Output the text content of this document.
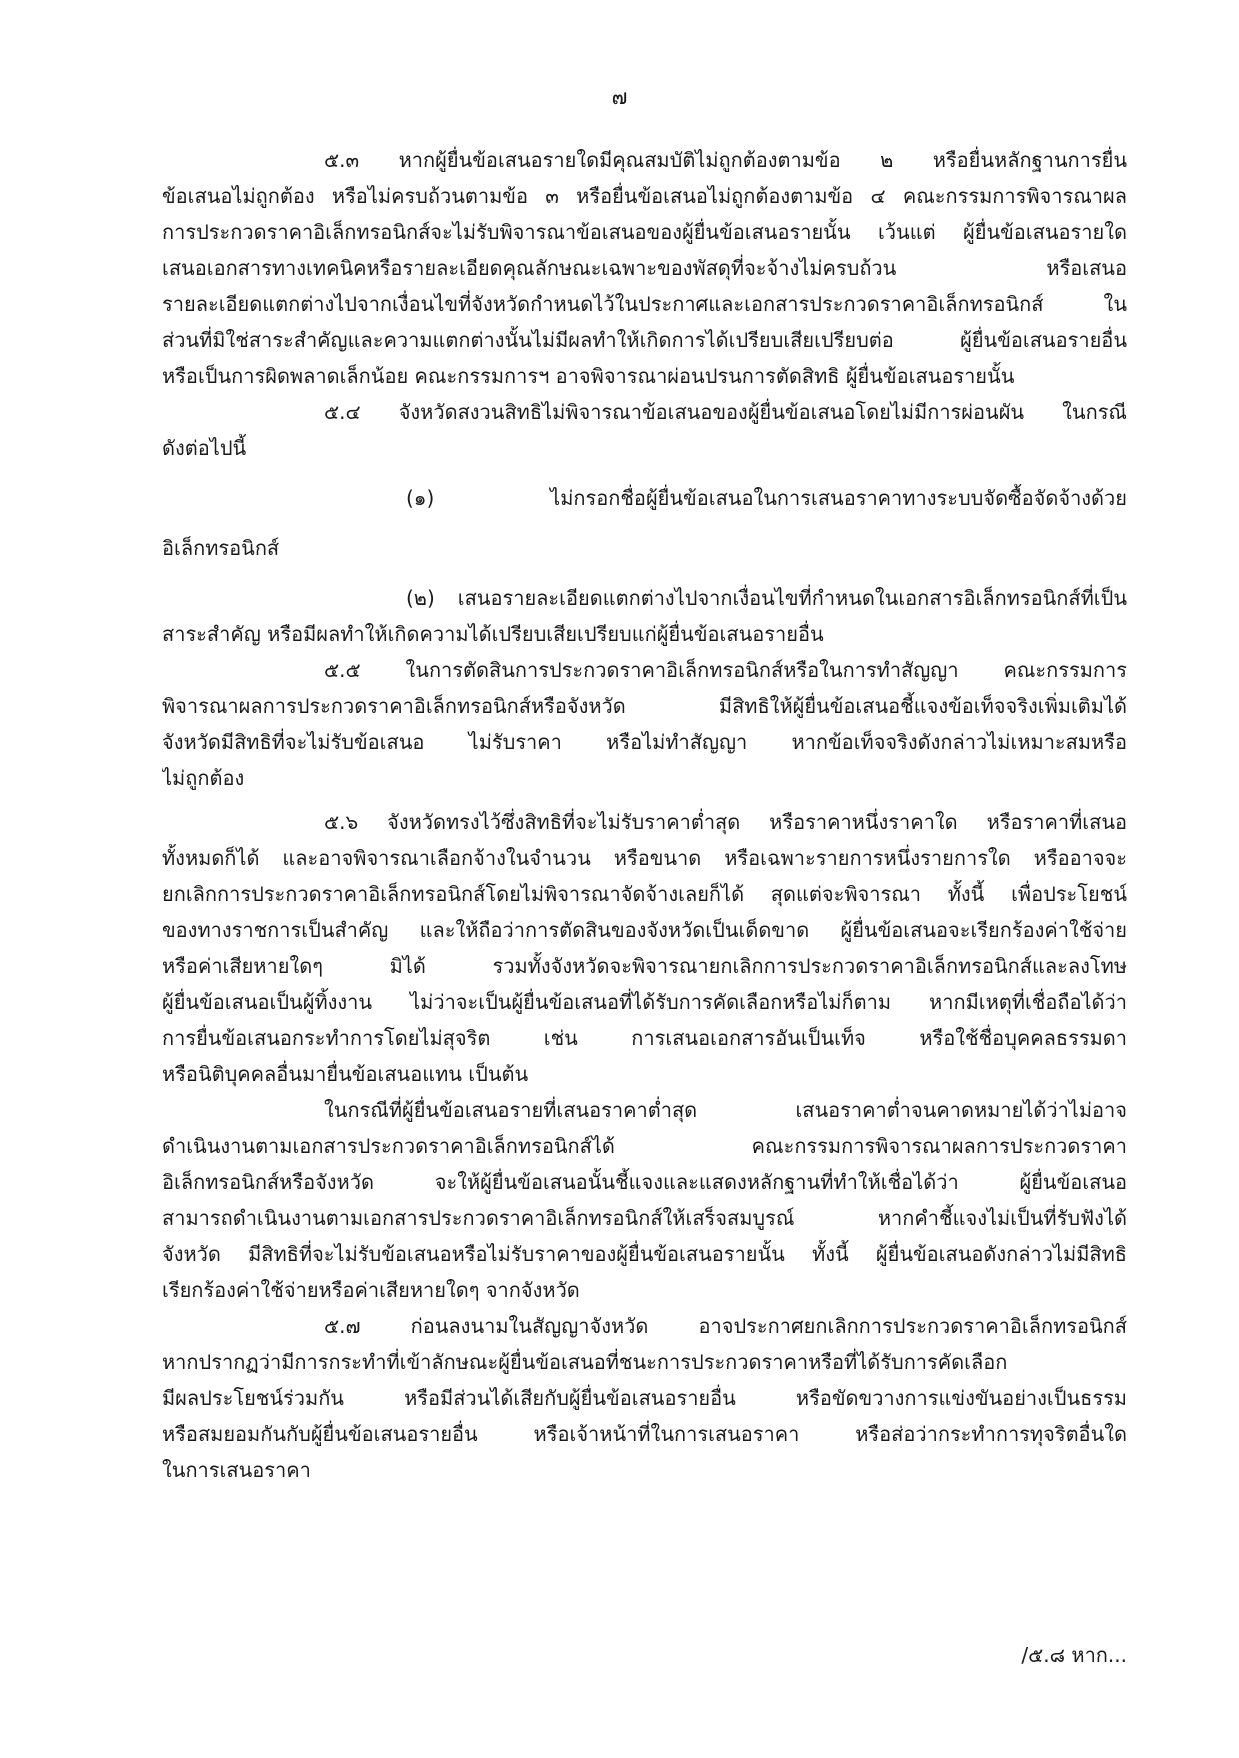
๗
๕.๓ หากผู้ยื่นข้อเสนอรายใดมีคุณสมบัติไม่ถูกต้องตามข้อ ๒ หรือยื่นหลักฐานการยื่น
ข้อเสนอไม่ถูกต้อง หรือไม่ครบถ้วนตามข้อ ๓ หรือยื่นข้อเสนอไม่ถูกต้องตามข้อ ๔ คณะกรรมการพิจารณาผล
การประกวดราคาอิเล็กทรอนิกส์จะไม่รับพิจารณาข้อเสนอของผู้ยื่นข้อเสนอรายนั้น เว้นแต่ ผู้ยื่นข้อเสนอรายใด
เสนอเอกสารทางเทคนิคหรือรายละเอียดคุณลักษณะเฉพาะของพัสดุที่จะจ้างไม่ครบถ้วน หรือเสนอ
รายละเอียดแตกต่างไปจากเงื่อนไขที่จังหวัดกำหนดไว้ในประกาศและเอกสารประกวดราคาอิเล็กทรอนิกส์ ใน
ส่วนที่มิใช่สาระสำคัญและความแตกต่างนั้นไม่มีผลทำให้เกิดการได้เปรียบเสียเปรียบต่อ ผู้ยื่นข้อเสนอรายอื่น
หรือเป็นการผิดพลาดเล็กน้อย คณะกรรมการฯ อาจพิจารณาผ่อนปรนการตัดสิทธิ ผู้ยื่นข้อเสนอรายนั้น
๕.๔ จังหวัดสงวนสิทธิไม่พิจารณาข้อเสนอของผู้ยื่นข้อเสนอโดยไม่มีการผ่อนผัน ในกรณี
ดังต่อไปนี้
(๑) ไม่กรอกชื่อผู้ยื่นข้อเสนอในการเสนอราคาทางระบบจัดซื้อจัดจ้างด้วย
อิเล็กทรอนิกส์
(๒) เสนอรายละเอียดแตกต่างไปจากเงื่อนไขที่กำหนดในเอกสารอิเล็กทรอนิกส์ที่เป็น
สาระสำคัญ หรือมีผลทำให้เกิดความได้เปรียบเสียเปรียบแก่ผู้ยื่นข้อเสนอรายอื่น
๕.๕ ในการตัดสินการประกวดราคาอิเล็กทรอนิกส์หรือในการทำสัญญา คณะกรรมการ
พิจารณาผลการประกวดราคาอิเล็กทรอนิกส์หรือจังหวัด มีสิทธิให้ผู้ยื่นข้อเสนอชี้แจงข้อเท็จจริงเพิ่มเติมได้
จังหวัดมีสิทธิที่จะไม่รับข้อเสนอ ไม่รับราคา หรือไม่ทำสัญญา หากข้อเท็จจริงดังกล่าวไม่เหมาะสมหรือ
ไม่ถูกต้อง
๕.๖ จังหวัดทรงไว้ซึ่งสิทธิที่จะไม่รับราคาต่ำสุด หรือราคาหนึ่งราคาใด หรือราคาที่เสนอ
ทั้งหมดก็ได้ และอาจพิจารณาเลือกจ้างในจำนวน หรือขนาด หรือเฉพาะรายการหนึ่งรายการใด หรืออาจจะ
ยกเลิกการประกวดราคาอิเล็กทรอนิกส์โดยไม่พิจารณาจัดจ้างเลยก็ได้ สุดแต่จะพิจารณา ทั้งนี้ เพื่อประโยชน์
ของทางราชการเป็นสำคัญ และให้ถือว่าการตัดสินของจังหวัดเป็นเด็ดขาด ผู้ยื่นข้อเสนอจะเรียกร้องค่าใช้จ่าย
หรือค่าเสียหายใดๆ มิได้ รวมทั้งจังหวัดจะพิจารณายกเลิกการประกวดราคาอิเล็กทรอนิกส์และลงโทษ
ผู้ยื่นข้อเสนอเป็นผู้ทิ้งงาน ไม่ว่าจะเป็นผู้ยื่นข้อเสนอที่ได้รับการคัดเลือกหรือไม่ก็ตาม หากมีเหตุที่เชื่อถือได้ว่า
การยื่นข้อเสนอกระทำการโดยไม่สุจริต เช่น การเสนอเอกสารอันเป็นเท็จ หรือใช้ชื่อบุคคลธรรมดา
หรือนิติบุคคลอื่นมายื่นข้อเสนอแทน เป็นต้น
ในกรณีที่ผู้ยื่นข้อเสนอรายที่เสนอราคาต่ำสุด เสนอราคาต่ำจนคาดหมายได้ว่าไม่อาจ
ดำเนินงานตามเอกสารประกวดราคาอิเล็กทรอนิกส์ได้ คณะกรรมการพิจารณาผลการประกวดราคา
อิเล็กทรอนิกส์หรือจังหวัด จะให้ผู้ยื่นข้อเสนอนั้นชี้แจงและแสดงหลักฐานที่ทำให้เชื่อได้ว่า ผู้ยื่นข้อเสนอ
สามารถดำเนินงานตามเอกสารประกวดราคาอิเล็กทรอนิกส์ให้เสร็จสมบูรณ์ หากคำชี้แจงไม่เป็นที่รับฟังได้
จังหวัด มีสิทธิที่จะไม่รับข้อเสนอหรือไม่รับราคาของผู้ยื่นข้อเสนอรายนั้น ทั้งนี้ ผู้ยื่นข้อเสนอดังกล่าวไม่มีสิทธิ
เรียกร้องค่าใช้จ่ายหรือค่าเสียหายใดๆ จากจังหวัด
๕.๗ ก่อนลงนามในสัญญาจังหวัด อาจประกาศยกเลิกการประกวดราคาอิเล็กทรอนิกส์
หากปรากฏว่ามีการกระทำที่เข้าลักษณะผู้ยื่นข้อเสนอที่ชนะการประกวดราคาหรือที่ได้รับการคัดเลือก
มีผลประโยชน์ร่วมกัน หรือมีส่วนได้เสียกับผู้ยื่นข้อเสนอรายอื่น หรือขัดขวางการแข่งขันอย่างเป็นธรรม
หรือสมยอมกันกับผู้ยื่นข้อเสนอรายอื่น หรือเจ้าหน้าที่ในการเสนอราคา หรือส่อว่ากระทำการทุจริตอื่นใด
ในการเสนอราคา
/๕.๘ หาก...
